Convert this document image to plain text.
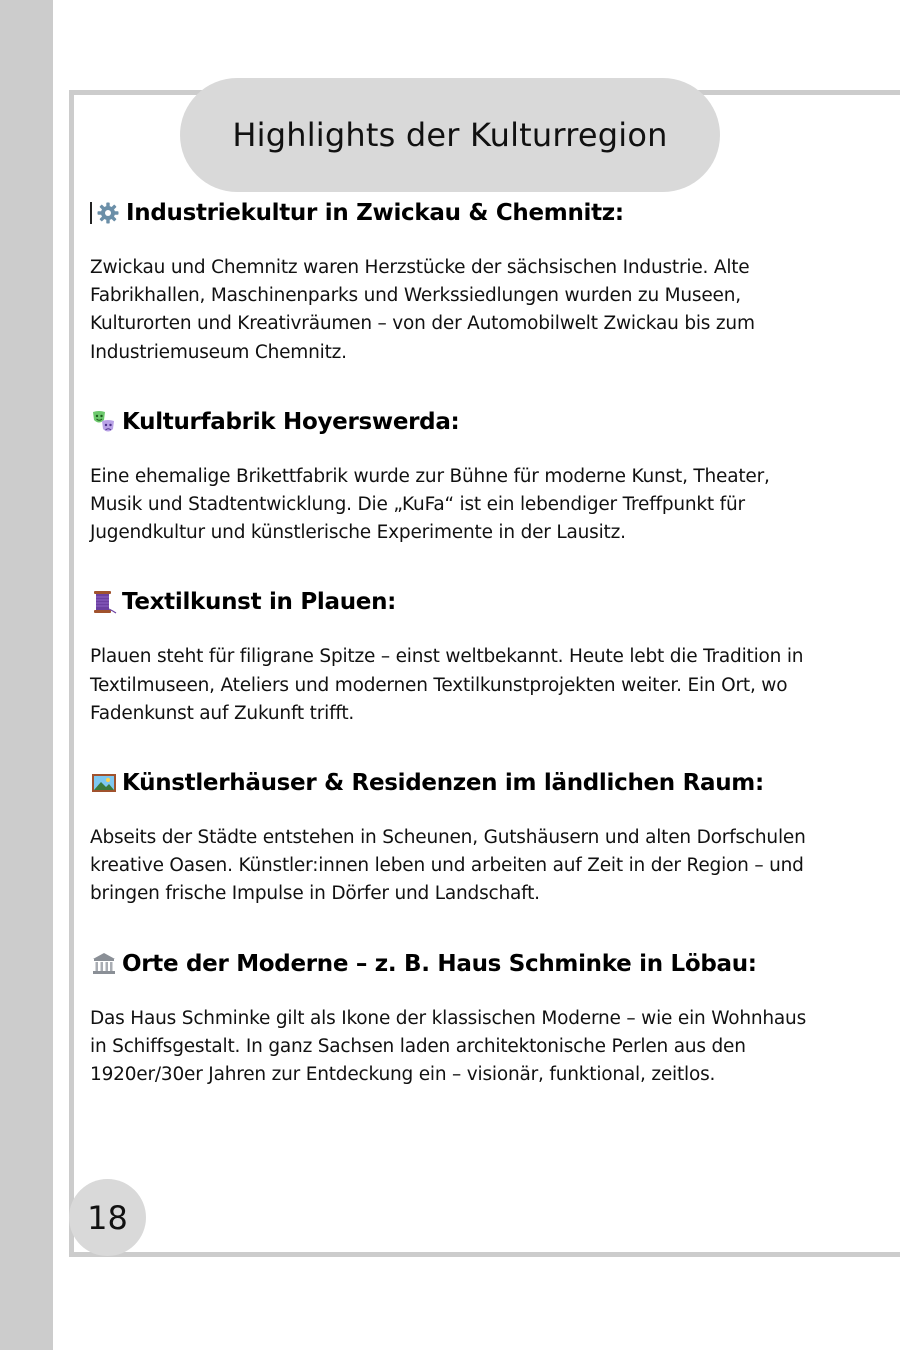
Highlights der Kulturregion
Industriekultur in Zwickau & Chemnitz:

Zwickau und Chemnitz waren Herzstücke der sächsischen Industrie. Alte Fabrikhallen, Maschinenparks und Werkssiedlungen wurden zu Museen, Kulturorten und Kreativräumen – von der Automobilwelt Zwickau bis zum Industriemuseum Chemnitz.

Kulturfabrik Hoyerswerda:

Eine ehemalige Brikettfabrik wurde zur Bühne für moderne Kunst, Theater, Musik und Stadtentwicklung. Die „KuFa“ ist ein lebendiger Treffpunkt für Jugendkultur und künstlerische Experimente in der Lausitz.

Textilkunst in Plauen:

Plauen steht für filigrane Spitze – einst weltbekannt. Heute lebt die Tradition in Textilmuseen, Ateliers und modernen Textilkunstprojekten weiter. Ein Ort, wo Fadenkunst auf Zukunft trifft.

Künstlerhäuser & Residenzen im ländlichen Raum:

Abseits der Städte entstehen in Scheunen, Gutshäusern und alten Dorfschulen kreative Oasen. Künstler:innen leben und arbeiten auf Zeit in der Region – und bringen frische Impulse in Dörfer und Landschaft.

Orte der Moderne – z. B. Haus Schminke in Löbau:

Das Haus Schminke gilt als Ikone der klassischen Moderne – wie ein Wohnhaus in Schiffsgestalt. In ganz Sachsen laden architektonische Perlen aus den 1920er/30er Jahren zur Entdeckung ein – visionär, funktional, zeitlos.

18
